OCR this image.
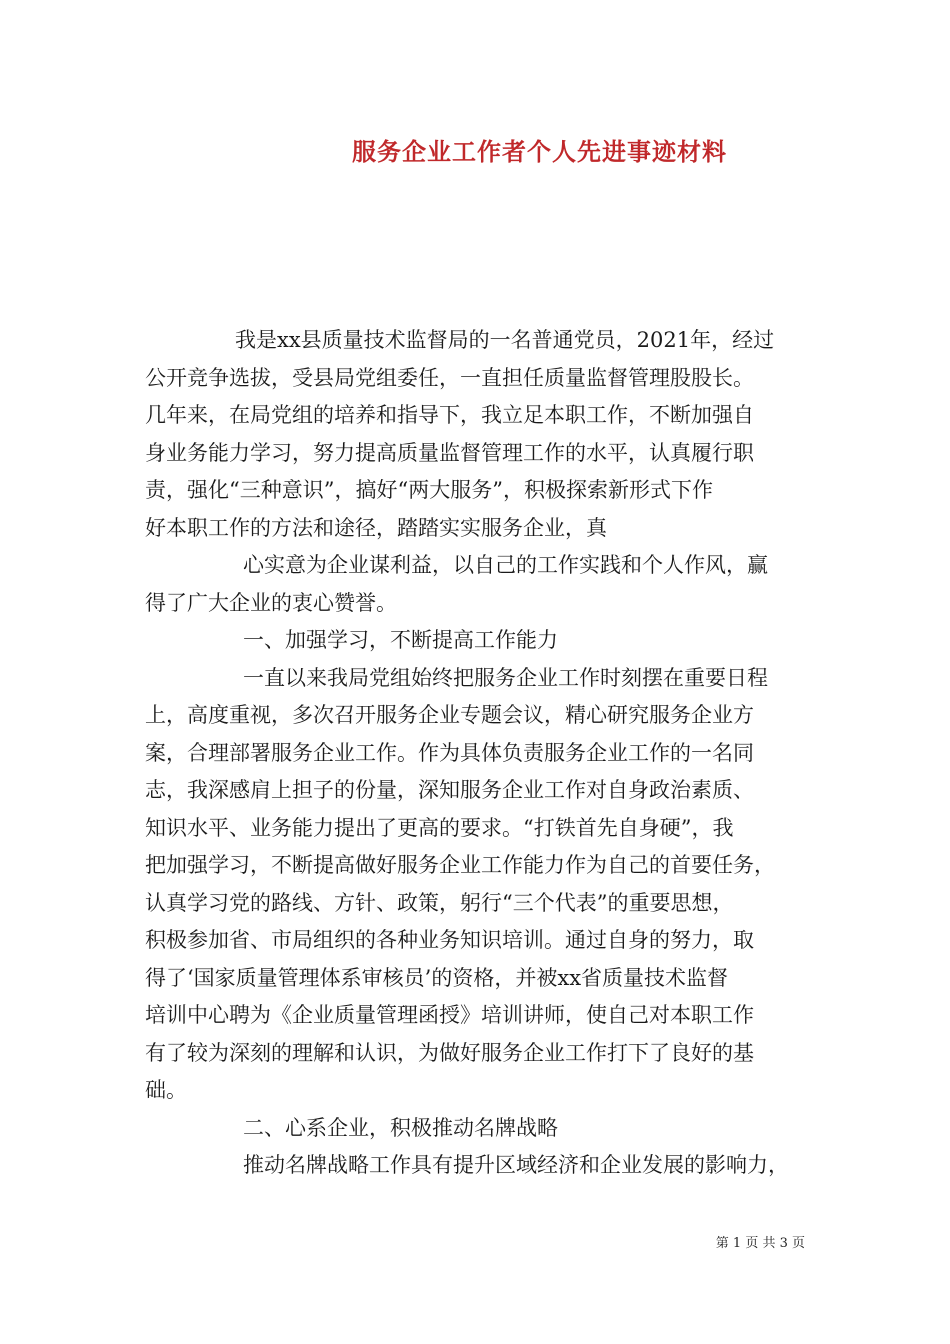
服务企业工作者个人先进事迹材料
我是xx县质量技术监督局的一名普通党员，2021年，经过
公开竞争选拔，受县局党组委任，一直担任质量监督管理股股长。
几年来，在局党组的培养和指导下，我立足本职工作，不断加强自
身业务能力学习，努力提高质量监督管理工作的水平，认真履行职
责，强化“三种意识”，搞好“两大服务”，积极探索新形式下作
好本职工作的方法和途径，踏踏实实服务企业，真
心实意为企业谋利益，以自己的工作实践和个人作风，赢
得了广大企业的衷心赞誉。
一、加强学习，不断提高工作能力
一直以来我局党组始终把服务企业工作时刻摆在重要日程
上，高度重视，多次召开服务企业专题会议，精心研究服务企业方
案，合理部署服务企业工作。作为具体负责服务企业工作的一名同
志，我深感肩上担子的份量，深知服务企业工作对自身政治素质、
知识水平、业务能力提出了更高的要求。“打铁首先自身硬”，我
把加强学习，不断提高做好服务企业工作能力作为自己的首要任务，
认真学习党的路线、方针、政策，躬行“三个代表”的重要思想，
积极参加省、市局组织的各种业务知识培训。通过自身的努力，取
得了‘国家质量管理体系审核员’的资格，并被xx省质量技术监督
培训中心聘为《企业质量管理函授》培训讲师，使自己对本职工作
有了较为深刻的理解和认识，为做好服务企业工作打下了良好的基
础。
二、心系企业，积极推动名牌战略
推动名牌战略工作具有提升区域经济和企业发展的影响力，
第 1 页 共 3 页
